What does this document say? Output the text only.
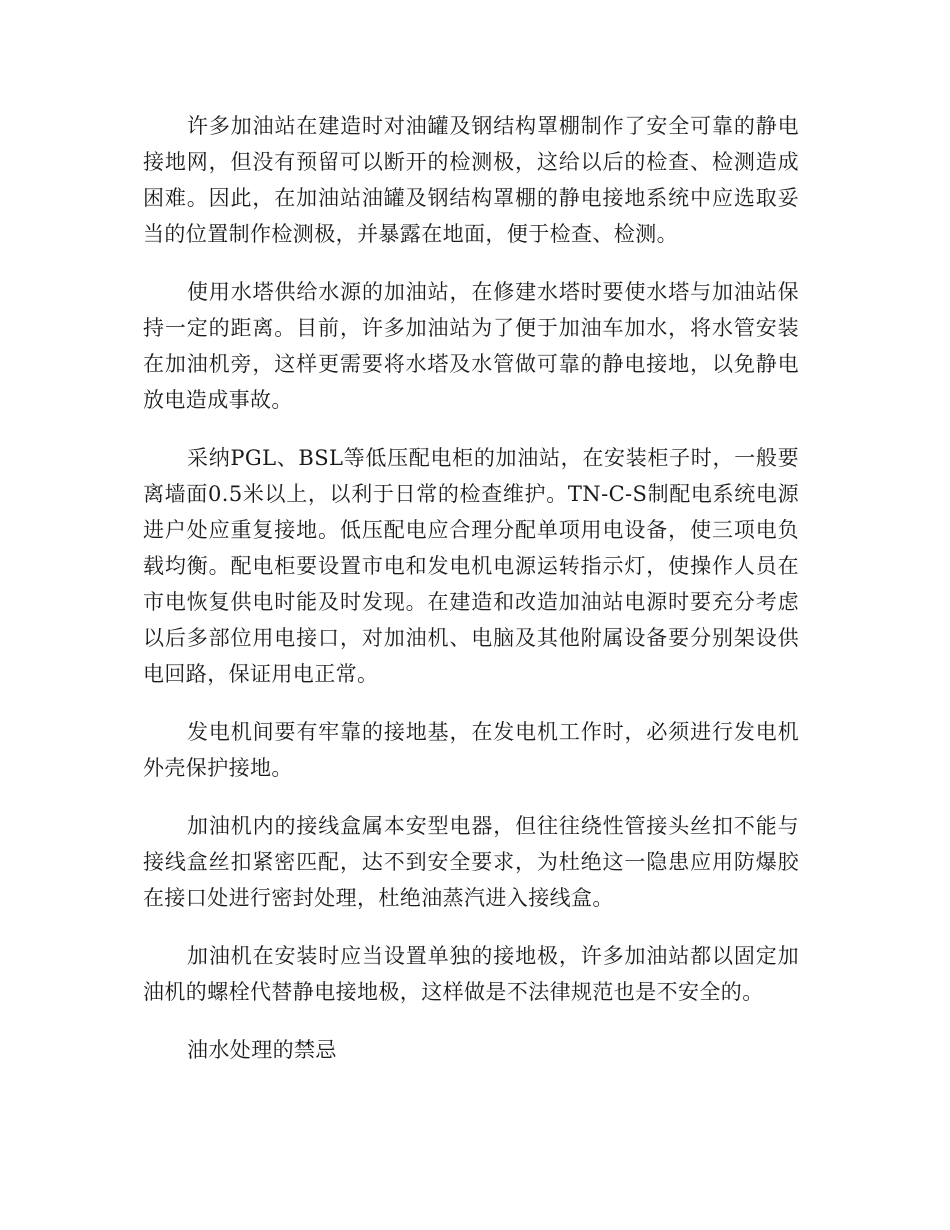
许多加油站在建造时对油罐及钢结构罩棚制作了安全可靠的静电接地网，但没有预留可以断开的检测极，这给以后的检查、检测造成困难。因此，在加油站油罐及钢结构罩棚的静电接地系统中应选取妥当的位置制作检测极，并暴露在地面，便于检查、检测。

使用水塔供给水源的加油站，在修建水塔时要使水塔与加油站保持一定的距离。目前，许多加油站为了便于加油车加水，将水管安装在加油机旁，这样更需要将水塔及水管做可靠的静电接地，以免静电放电造成事故。

采纳PGL、BSL等低压配电柜的加油站，在安装柜子时，一般要离墙面0.5米以上，以利于日常的检查维护。TN-C-S制配电系统电源进户处应重复接地。低压配电应合理分配单项用电设备，使三项电负载均衡。配电柜要设置市电和发电机电源运转指示灯，使操作人员在市电恢复供电时能及时发现。在建造和改造加油站电源时要充分考虑以后多部位用电接口，对加油机、电脑及其他附属设备要分别架设供电回路，保证用电正常。

发电机间要有牢靠的接地基，在发电机工作时，必须进行发电机外壳保护接地。

加油机内的接线盒属本安型电器，但往往绕性管接头丝扣不能与接线盒丝扣紧密匹配，达不到安全要求，为杜绝这一隐患应用防爆胶在接口处进行密封处理，杜绝油蒸汽进入接线盒。

加油机在安装时应当设置单独的接地极，许多加油站都以固定加油机的螺栓代替静电接地极，这样做是不法律规范也是不安全的。

油水处理的禁忌
